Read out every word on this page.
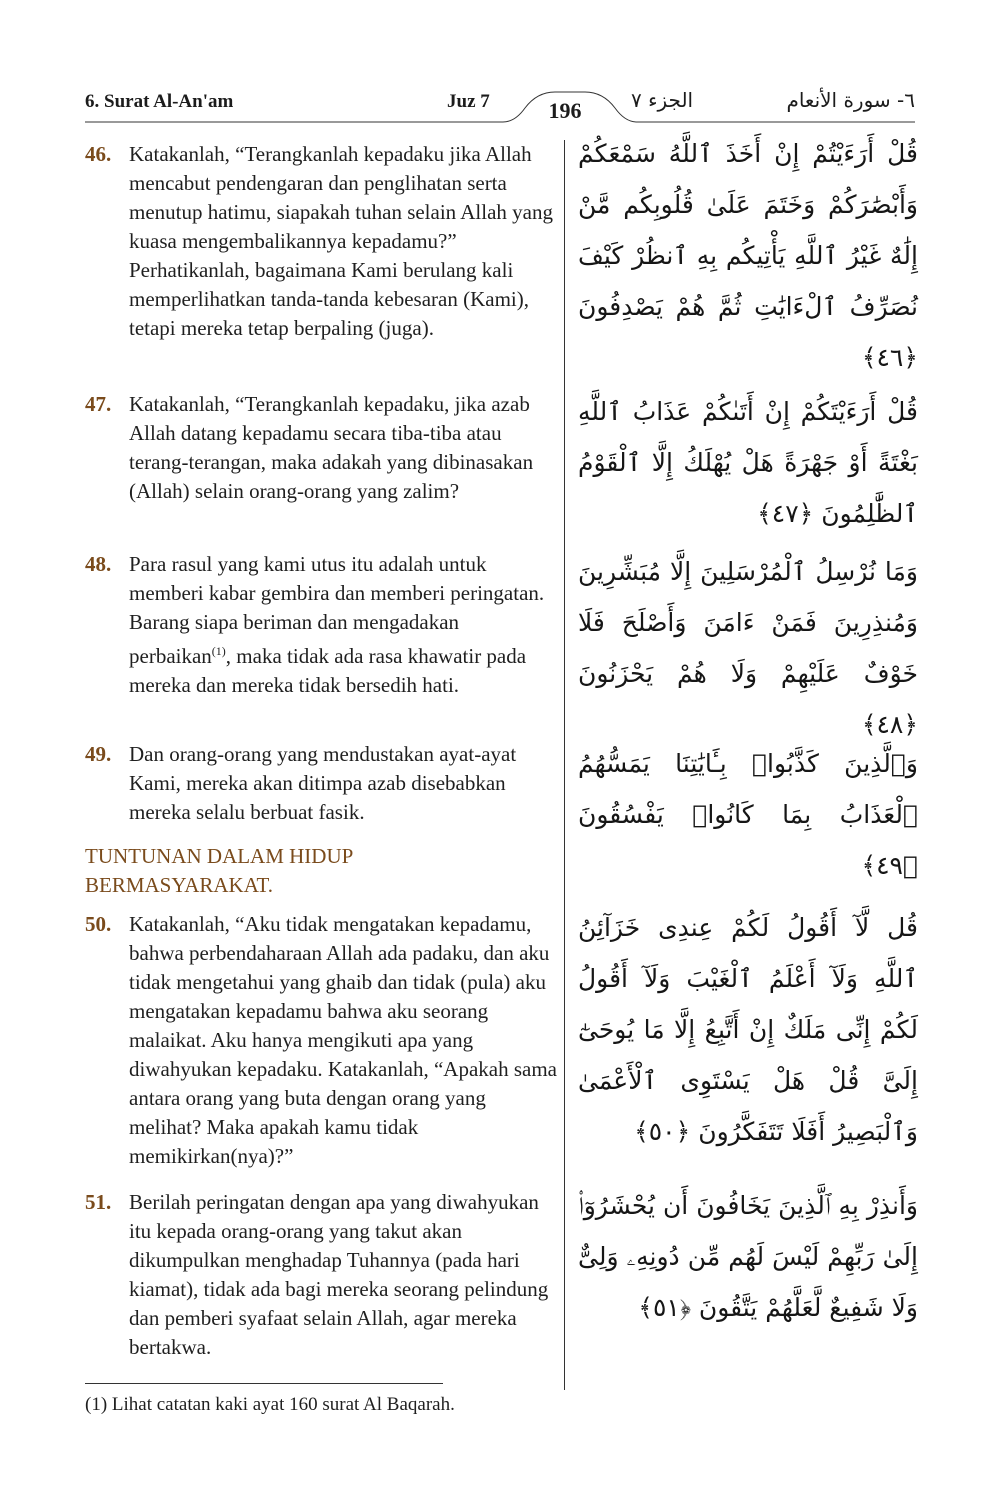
6. Surat Al-An'am	Juz 7	196	الجزء ٧	٦- سورة الأنعام
46. Katakanlah, “Terangkanlah kepadaku jika Allah mencabut pendengaran dan penglihatan serta menutup hatimu, siapakah tuhan selain Allah yang kuasa mengembalikannya kepadamu?” Perhatikanlah, bagaimana Kami berulang kali memperlihatkan tanda-tanda kebesaran (Kami), tetapi mereka tetap berpaling (juga).
قُلْ أَرَءَيْتُمْ إِنْ أَخَذَ ٱللَّهُ سَمْعَكُمْ وَأَبْصَٰرَكُمْ وَخَتَمَ عَلَىٰ قُلُوبِكُم مَّنْ إِلَٰهٌ غَيْرُ ٱللَّهِ يَأْتِيكُم بِهِ ٱنظُرْ كَيْفَ نُصَرِّفُ ٱلْءَايَٰتِ ثُمَّ هُمْ يَصْدِفُونَ ﴿٤٦﴾
47. Katakanlah, “Terangkanlah kepadaku, jika azab Allah datang kepadamu secara tiba-tiba atau terang-terangan, maka adakah yang dibinasakan (Allah) selain orang-orang yang zalim?
قُلْ أَرَءَيْتَكُمْ إِنْ أَتَىٰكُمْ عَذَابُ ٱللَّهِ بَغْتَةً أَوْ جَهْرَةً هَلْ يُهْلَكُ إِلَّا ٱلْقَوْمُ ٱلظَّٰلِمُونَ ﴿٤٧﴾
48. Para rasul yang kami utus itu adalah untuk memberi kabar gembira dan memberi peringatan. Barang siapa beriman dan mengadakan perbaikan$^{(1)}$, maka tidak ada rasa khawatir pada mereka dan mereka tidak bersedih hati.
وَمَا نُرْسِلُ ٱلْمُرْسَلِينَ إِلَّا مُبَشِّرِينَ وَمُنذِرِينَ فَمَنْ ءَامَنَ وَأَصْلَحَ فَلَا خَوْفٌ عَلَيْهِمْ وَلَا هُمْ يَحْزَنُونَ ﴿٤٨﴾
49. Dan orang-orang yang mendustakan ayat-ayat Kami, mereka akan ditimpa azab disebabkan mereka selalu berbuat fasik.
وَٱلَّذِينَ كَذَّبُوا۟ بِـَٔايَٰتِنَا يَمَسُّهُمُ ٱلْعَذَابُ بِمَا كَانُوا۟ يَفْسُقُونَ ﴿٤٩﴾
TUNTUNAN DALAM HIDUP BERMASYARAKAT.
50. Katakanlah, “Aku tidak mengatakan kepadamu, bahwa perbendaharaan Allah ada padaku, dan aku tidak mengetahui yang ghaib dan tidak (pula) aku mengatakan kepadamu bahwa aku seorang malaikat. Aku hanya mengikuti apa yang diwahyukan kepadaku. Katakanlah, “Apakah sama antara orang yang buta dengan orang yang melihat? Maka apakah kamu tidak memikirkan(nya)?”
قُل لَّآ أَقُولُ لَكُمْ عِندِى خَزَآئِنُ ٱللَّهِ وَلَآ أَعْلَمُ ٱلْغَيْبَ وَلَآ أَقُولُ لَكُمْ إِنِّى مَلَكٌ إِنْ أَتَّبِعُ إِلَّا مَا يُوحَىٰٓ إِلَىَّ قُلْ هَلْ يَسْتَوِى ٱلْأَعْمَىٰ وَٱلْبَصِيرُ أَفَلَا تَتَفَكَّرُونَ ﴿٥٠﴾
51. Berilah peringatan dengan apa yang diwahyukan itu kepada orang-orang yang takut akan dikumpulkan menghadap Tuhannya (pada hari kiamat), tidak ada bagi mereka seorang pelindung dan pemberi syafaat selain Allah, agar mereka bertakwa.
وَأَنذِرْ بِهِ ٱلَّذِينَ يَخَافُونَ أَن يُحْشَرُوٓا۟ إِلَىٰ رَبِّهِمْ لَيْسَ لَهُم مِّن دُونِهِۦ وَلِىٌّ وَلَا شَفِيعٌ لَّعَلَّهُمْ يَتَّقُونَ ﴿٥١﴾
(1) Lihat catatan kaki ayat 160 surat Al Baqarah.
